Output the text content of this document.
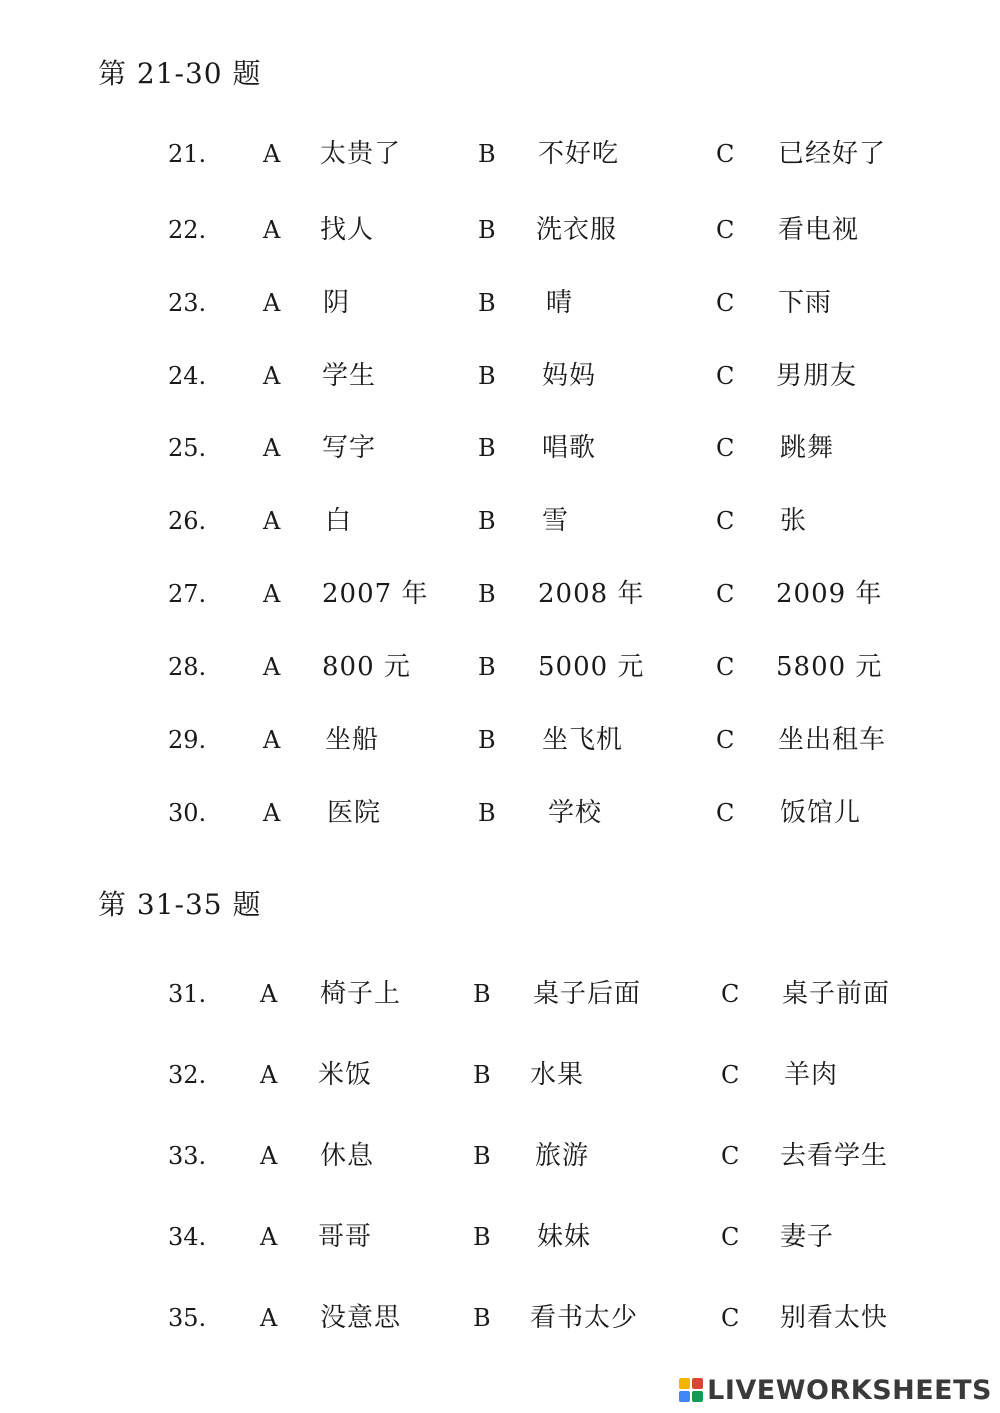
第 21-30 题
21. A 太贵了	B 不好吃	C 已经好了
22. A 找人	B 洗衣服	C 看电视
23. A 阴	B 晴	C 下雨
24. A 学生	B 妈妈	C 男朋友
25. A 写字	B 唱歌	C 跳舞
26. A 白	B 雪	C 张
27. A 2007 年 B 2008 年	C 2009 年
28. A 800 元	B 5000 元	C 5800 元
29. A 坐船	B 坐飞机	C 坐出租车
30. A 医院	B 学校	C 饭馆儿
第 31-35 题
31. A 椅子上	B 桌子后面	C 桌子前面
32. A 米饭	B 水果	C 羊肉
33. A 休息	B 旅游	C 去看学生
34. A 哥哥	B 妹妹	C 妻子
35. A 没意思	B 看书太少	C 别看太快
LIVEWORKSHEETS
